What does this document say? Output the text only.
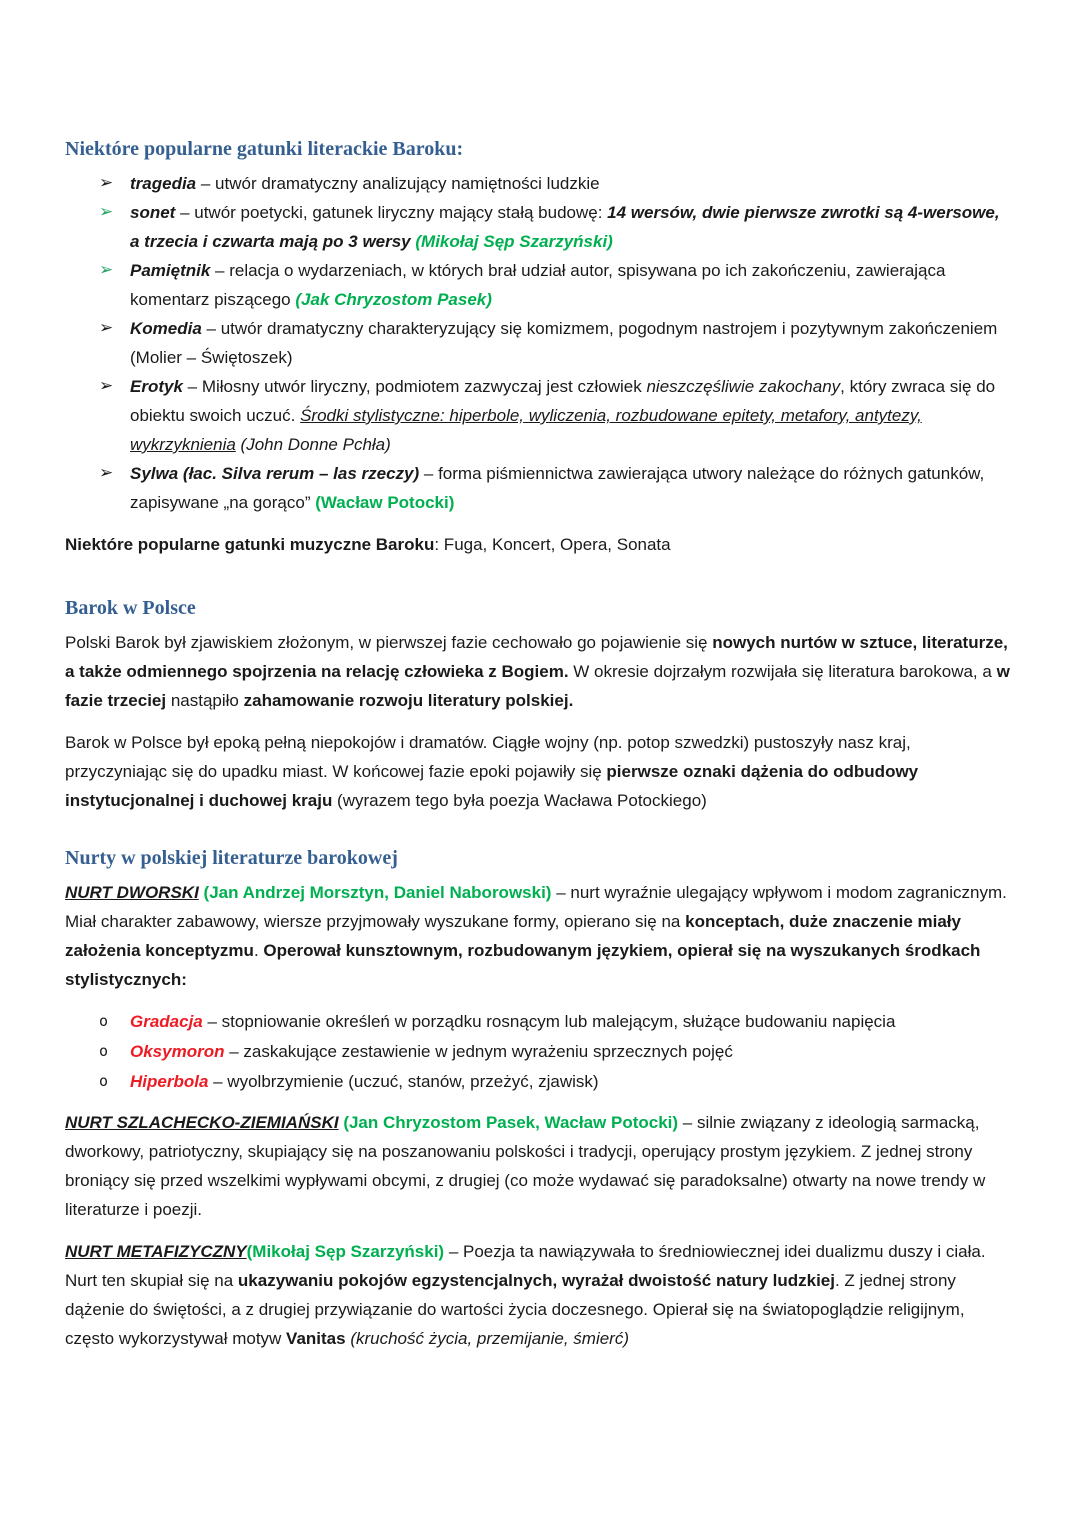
Niektóre popularne gatunki literackie Baroku:
➢ tragedia – utwór dramatyczny analizujący namiętności ludzkie
➢ sonet – utwór poetycki, gatunek liryczny mający stałą budowę: 14 wersów, dwie pierwsze zwrotki są 4-wersowe, a trzecia i czwarta mają po 3 wersy (Mikołaj Sęp Szarzyński)
➢ Pamiętnik – relacja o wydarzeniach, w których brał udział autor, spisywana po ich zakończeniu, zawierająca komentarz piszącego (Jak Chryzostom Pasek)
➢ Komedia – utwór dramatyczny charakteryzujący się komizmem, pogodnym nastrojem i pozytywnym zakończeniem (Molier – Świętoszek)
➢ Erotyk – Miłosny utwór liryczny, podmiotem zazwyczaj jest człowiek nieszczęśliwie zakochany, który zwraca się do obiektu swoich uczuć. Środki stylistyczne: hiperbole, wyliczenia, rozbudowane epitety, metafory, antytezy, wykrzyknienia (John Donne Pchła)
➢ Sylwa (łac. Silva rerum – las rzeczy) – forma piśmiennictwa zawierająca utwory należące do różnych gatunków, zapisywane „na gorąco” (Wacław Potocki)

Niektóre popularne gatunki muzyczne Baroku: Fuga, Koncert, Opera, Sonata

Barok w Polsce

Polski Barok był zjawiskiem złożonym, w pierwszej fazie cechowało go pojawienie się nowych nurtów w sztuce, literaturze, a także odmiennego spojrzenia na relację człowieka z Bogiem. W okresie dojrzałym rozwijała się literatura barokowa, a w fazie trzeciej nastąpiło zahamowanie rozwoju literatury polskiej.

Barok w Polsce był epoką pełną niepokojów i dramatów. Ciągłe wojny (np. potop szwedzki) pustoszyły nasz kraj, przyczyniając się do upadku miast. W końcowej fazie epoki pojawiły się pierwsze oznaki dążenia do odbudowy instytucjonalnej i duchowej kraju (wyrazem tego była poezja Wacława Potockiego)

Nurty w polskiej literaturze barokowej

NURT DWORSKI (Jan Andrzej Morsztyn, Daniel Naborowski) – nurt wyraźnie ulegający wpływom i modom zagranicznym. Miał charakter zabawowy, wiersze przyjmowały wyszukane formy, opierano się na konceptach, duże znaczenie miały założenia konceptyzmu. Operował kunsztownym, rozbudowanym językiem, opierał się na wyszukanych środkach stylistycznych:

o	Gradacja – stopniowanie określeń w porządku rosnącym lub malejącym, służące budowaniu napięcia
o	Oksymoron – zaskakujące zestawienie w jednym wyrażeniu sprzecznych pojęć
o	Hiperbola – wyolbrzymienie (uczuć, stanów, przeżyć, zjawisk)

NURT SZLACHECKO-ZIEMIAŃSKI (Jan Chryzostom Pasek, Wacław Potocki) – silnie związany z ideologią sarmacką, dworkowy, patriotyczny, skupiający się na poszanowaniu polskości i tradycji, operujący prostym językiem. Z jednej strony broniący się przed wszelkimi wypływami obcymi, z drugiej (co może wydawać się paradoksalne) otwarty na nowe trendy w literaturze i poezji.

NURT METAFIZYCZNY(Mikołaj Sęp Szarzyński) – Poezja ta nawiązywała to średniowiecznej idei dualizmu duszy i ciała. Nurt ten skupiał się na ukazywaniu pokojów egzystencjalnych, wyrażał dwoistość natury ludzkiej. Z jednej strony dążenie do świętości, a z drugiej przywiązanie do wartości życia doczesnego. Opierał się na światopoglądzie religijnym, często wykorzystywał motyw Vanitas (kruchość życia, przemijanie, śmierć)
